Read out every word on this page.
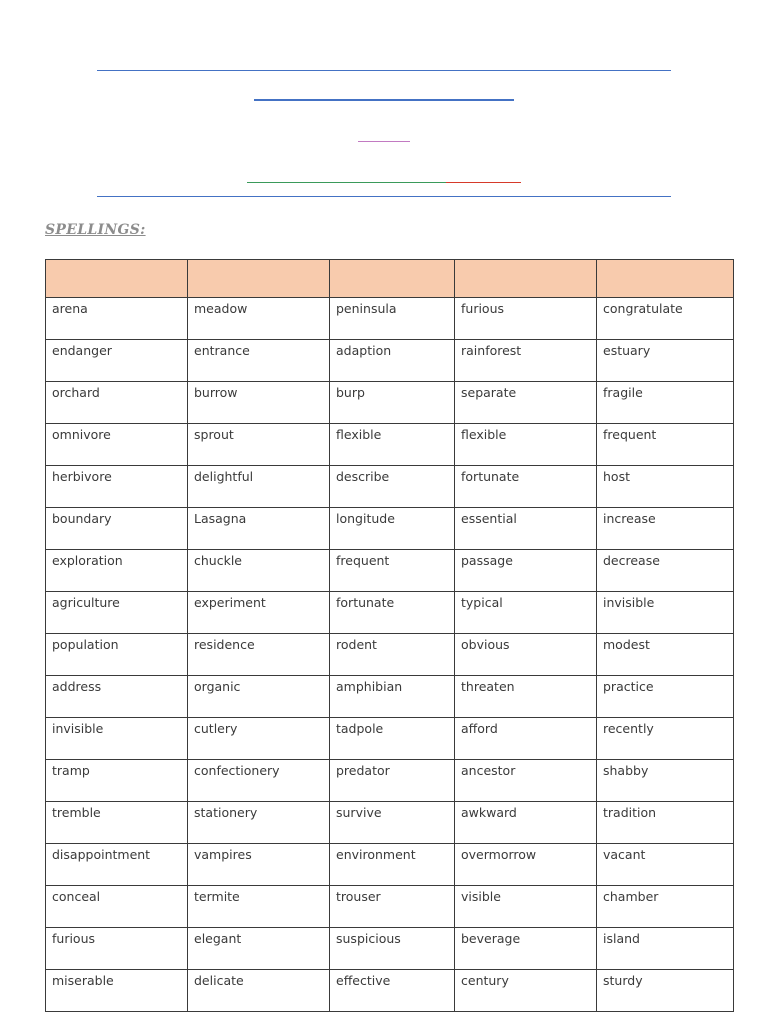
SPELLINGS:

arena	meadow	peninsula	furious	congratulate
endanger	entrance	adaption	rainforest	estuary
orchard	burrow	burp	separate	fragile
omnivore	sprout	flexible	flexible	frequent
herbivore	delightful	describe	fortunate	host
boundary	Lasagna	longitude	essential	increase
exploration	chuckle	frequent	passage	decrease
agriculture	experiment	fortunate	typical	invisible
population	residence	rodent	obvious	modest
address	organic	amphibian	threaten	practice
invisible	cutlery	tadpole	afford	recently
tramp	confectionery	predator	ancestor	shabby
tremble	stationery	survive	awkward	tradition
disappointment	vampires	environment	overmorrow	vacant
conceal	termite	trouser	visible	chamber
furious	elegant	suspicious	beverage	island
miserable	delicate	effective	century	sturdy
